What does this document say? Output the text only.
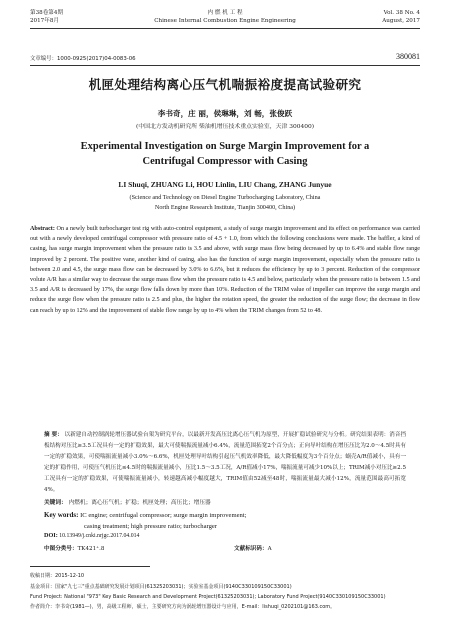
第38卷第4期
2017年8月
内 燃 机 工 程
Chinese Internal Combustion Engine Engineering
Vol. 38 No. 4
August, 2017
文章编号：1000-0925(2017)04-0083-06	380081
机匣处理结构离心压气机喘振裕度提高试验研究
李书奇，庄 丽，侯琳琳，刘 畅，张俊跃
(中国北方发动机研究所 柴油机增压技术重点实验室，天津 300400)
Experimental Investigation on Surge Margin Improvement for a
Centrifugal Compressor with Casing
LI Shuqi, ZHUANG Li, HOU Linlin, LIU Chang, ZHANG Junyue
(Science and Technology on Diesel Engine Turbocharging Laboratory, China
North Engine Research Institute, Tianjin 300400, China)
Abstract: On a newly built turbocharger test rig with auto-control equipment, a study of surge margin improvement and its effect on performance was carried out with a newly developed centrifugal compressor with pressure ratio of 4.5 + 1.0, from which the following conclusions were made. The baffler, a kind of casing, has surge margin improvement when the pressure ratio is 3.5 and above, with surge mass flow being decreased by up to 6.4% and stable flow range improved by 2 percent. The positive vane, another kind of casing, also has the function of surge margin improvement, especially when the pressure ratio is between 2.0 and 4.5, the surge mass flow can be decreased by 3.0% to 6.6%, but it reduces the efficiency by up to 3 percent. Reduction of the compressor volute A/R has a similar way to decrease the surge mass flow when the pressure ratio is 4.5 and below, particularly when the pressure ratio is between 1.5 and 3.5 and A/R is decreased by 17%, the surge flow falls down by more than 10%. Reduction of the TRIM value of impeller can improve the surge margin and reduce the surge flow when the pressure ratio is 2.5 and plus, the higher the rotation speed, the greater the reduction of the surge flow; the decrease in flow can reach by up to 12% and the improvement of stable flow range by up to 4% when the TRIM changes from 52 to 48.
摘 要： 以新建自动控制涡轮增压器试验台架为研究平台，以最新开发高压比离心压气机为原型，开展扩稳试验研究与分析。研究结果表明：消音挡板结构对压比≥3.5工况具有一定的扩稳效果，最大可使喘振流量减小6.4%，流量范围拓宽2个百分点；正向导叶结构在增压压比为2.0～4.5时具有一定的扩稳效果，可使喘振流量减小3.0%～6.6%，机匣处理导叶结构引起压气机效率降低，最大降低幅度为3个百分点；蜗壳A/R值减小，具有一定的扩稳作用，可使压气机压比≤4.5时的喘振流量减小，压比1.5～3.5工况，A/R值减小17%，喘振流量可减少10%以上；TRIM减小对压比≥2.5工况具有一定的扩稳效果，可使喘振流量减小，转速越高减小幅度越大，TRIM值由52减至48时，喘振流量最大减小12%，流量范围最高可拓宽4%。
关键词： 内燃机；离心压气机；扩稳；机匣处理；高压比；增压器
Key words: IC engine; centrifugal compressor; surge margin improvement;
casing treatment; high pressure ratio; turbocharger
DOI: 10.13949/j.cnki.nrjgc.2017.04.014
中图分类号：TK421⁺.8	文献标识码：A
收稿日期：2015-12-10
基金项目：国家"九七三"重点基础研究发展计划项目(61325203031)；实验室基金项目(9140C330109150C33001)
Fund Project: National "973" Key Basic Research and Development Project(61325203031); Laboratory Fund Project(9140C330109150C33001)
作者简介：李书奇(1981—)，男，高级工程师，硕士，主要研究方向为涡轮增压器设计与应用，E-mail：lishuqi_0202101@163.com。
